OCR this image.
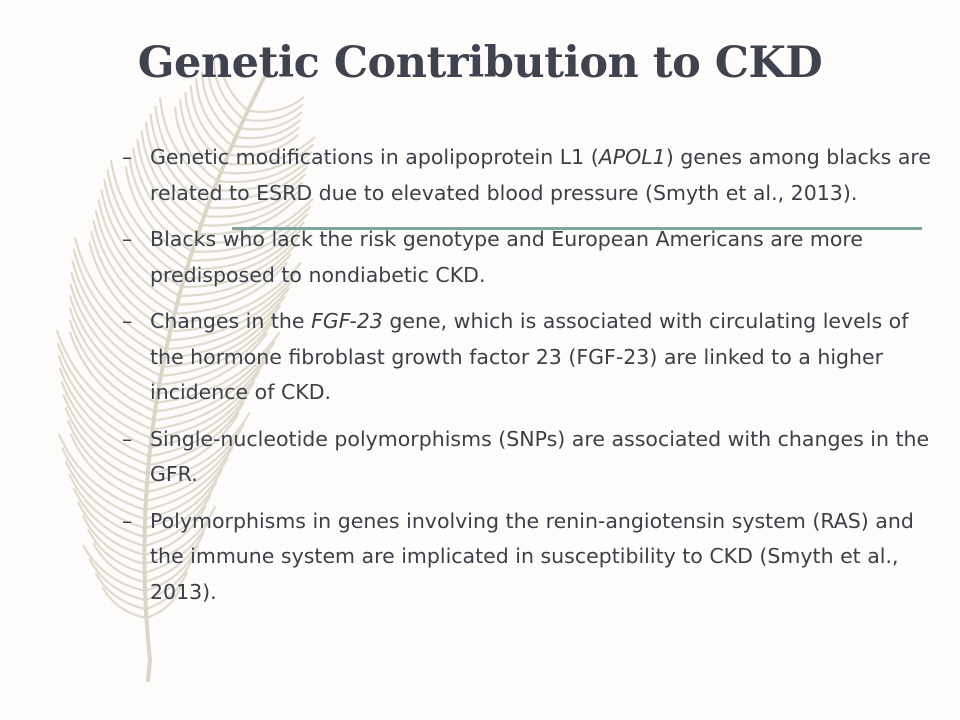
Genetic Contribution to CKD
– Genetic modifications in apolipoprotein L1 (APOL1) genes among blacks are related to ESRD due to elevated blood pressure (Smyth et al., 2013).
– Blacks who lack the risk genotype and European Americans are more predisposed to nondiabetic CKD.
– Changes in the FGF-23 gene, which is associated with circulating levels of the hormone fibroblast growth factor 23 (FGF-23) are linked to a higher incidence of CKD.
– Single-nucleotide polymorphisms (SNPs) are associated with changes in the GFR.
– Polymorphisms in genes involving the renin-angiotensin system (RAS) and the immune system are implicated in susceptibility to CKD (Smyth et al., 2013).
